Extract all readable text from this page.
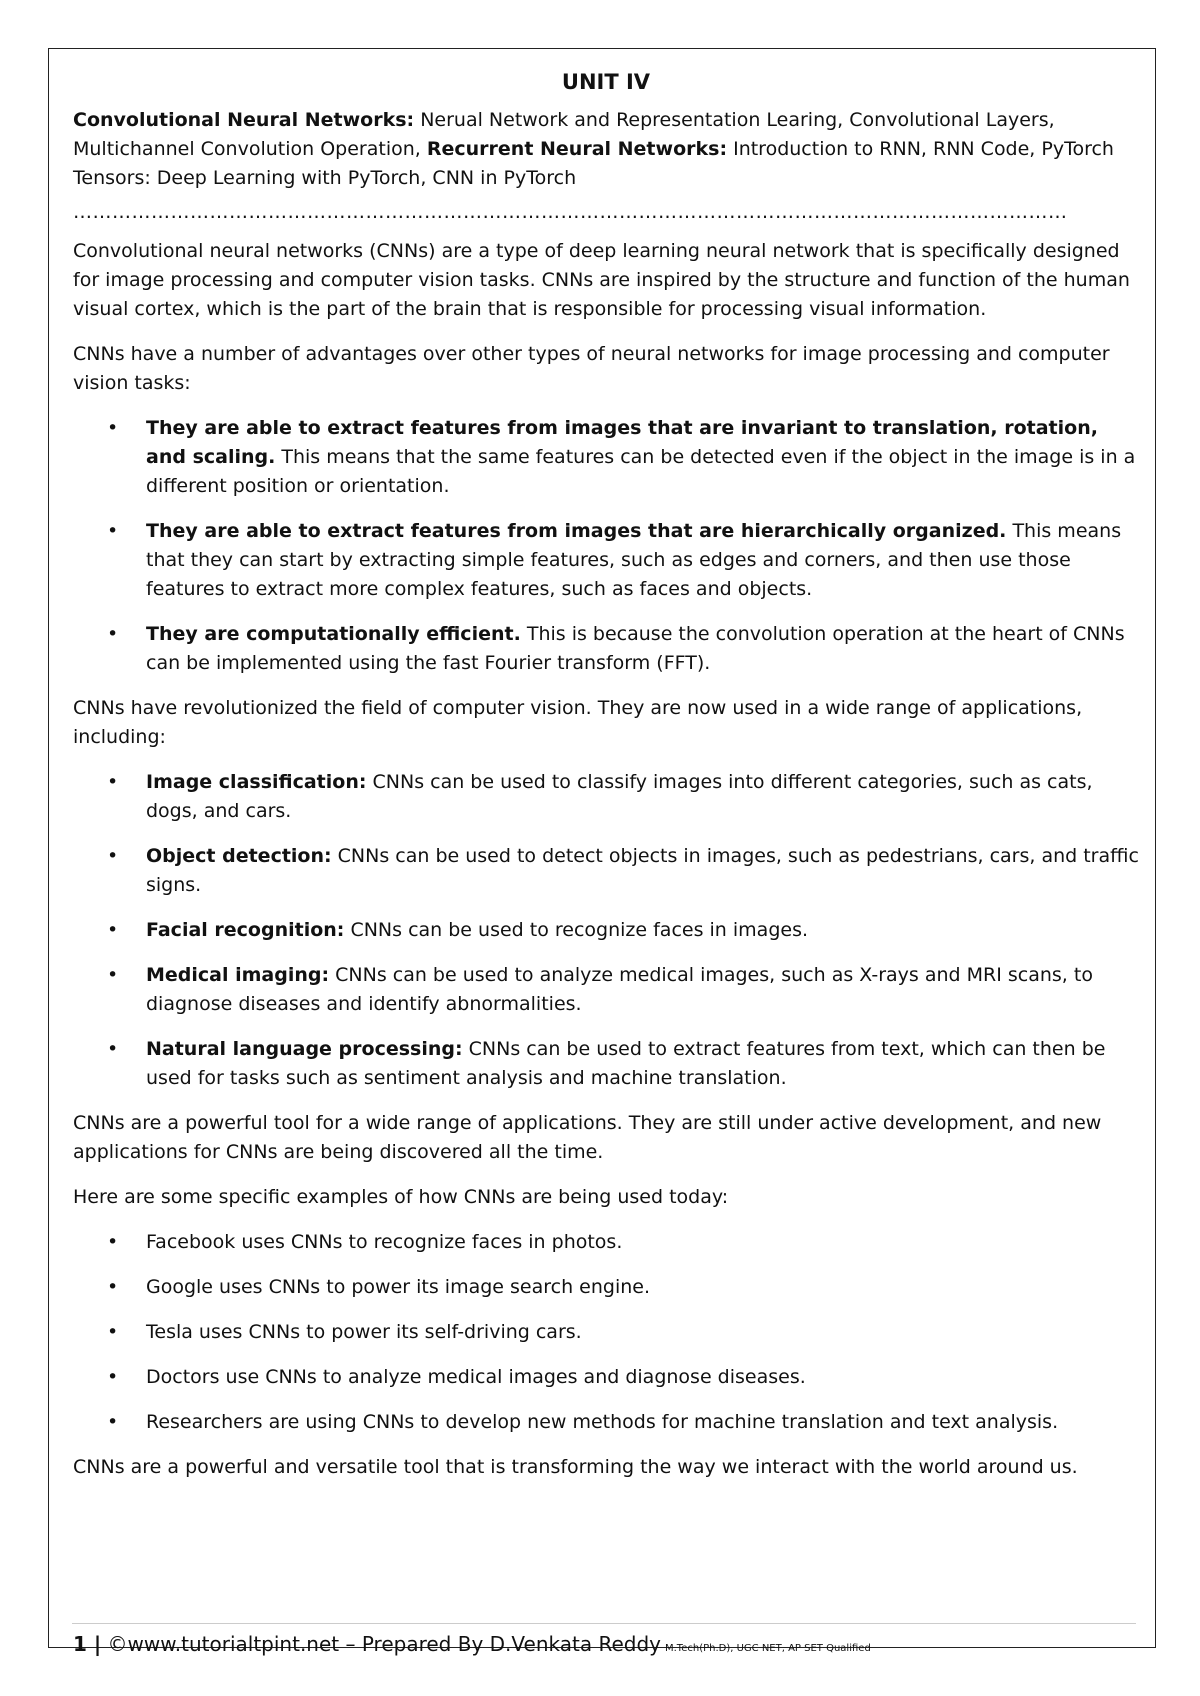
UNIT IV

Convolutional Neural Networks: Nerual Network and Representation Learing, Convolutional Layers, Multichannel Convolution Operation, Recurrent Neural Networks: Introduction to RNN, RNN Code, PyTorch Tensors: Deep Learning with PyTorch, CNN in PyTorch

………………………………………………………………………………………………………………………………………

Convolutional neural networks (CNNs) are a type of deep learning neural network that is specifically designed for image processing and computer vision tasks. CNNs are inspired by the structure and function of the human visual cortex, which is the part of the brain that is responsible for processing visual information.

CNNs have a number of advantages over other types of neural networks for image processing and computer vision tasks:

• They are able to extract features from images that are invariant to translation, rotation, and scaling. This means that the same features can be detected even if the object in the image is in a different position or orientation.
• They are able to extract features from images that are hierarchically organized. This means that they can start by extracting simple features, such as edges and corners, and then use those features to extract more complex features, such as faces and objects.
• They are computationally efficient. This is because the convolution operation at the heart of CNNs can be implemented using the fast Fourier transform (FFT).

CNNs have revolutionized the field of computer vision. They are now used in a wide range of applications, including:

• Image classification: CNNs can be used to classify images into different categories, such as cats, dogs, and cars.
• Object detection: CNNs can be used to detect objects in images, such as pedestrians, cars, and traffic signs.
• Facial recognition: CNNs can be used to recognize faces in images.
• Medical imaging: CNNs can be used to analyze medical images, such as X-rays and MRI scans, to diagnose diseases and identify abnormalities.
• Natural language processing: CNNs can be used to extract features from text, which can then be used for tasks such as sentiment analysis and machine translation.

CNNs are a powerful tool for a wide range of applications. They are still under active development, and new applications for CNNs are being discovered all the time.

Here are some specific examples of how CNNs are being used today:

• Facebook uses CNNs to recognize faces in photos.
• Google uses CNNs to power its image search engine.
• Tesla uses CNNs to power its self-driving cars.
• Doctors use CNNs to analyze medical images and diagnose diseases.
• Researchers are using CNNs to develop new methods for machine translation and text analysis.

CNNs are a powerful and versatile tool that is transforming the way we interact with the world around us.

1 | ©www.tutorialtpint.net – Prepared By D.Venkata Reddy M.Tech(Ph.D), UGC NET, AP SET Qualified
